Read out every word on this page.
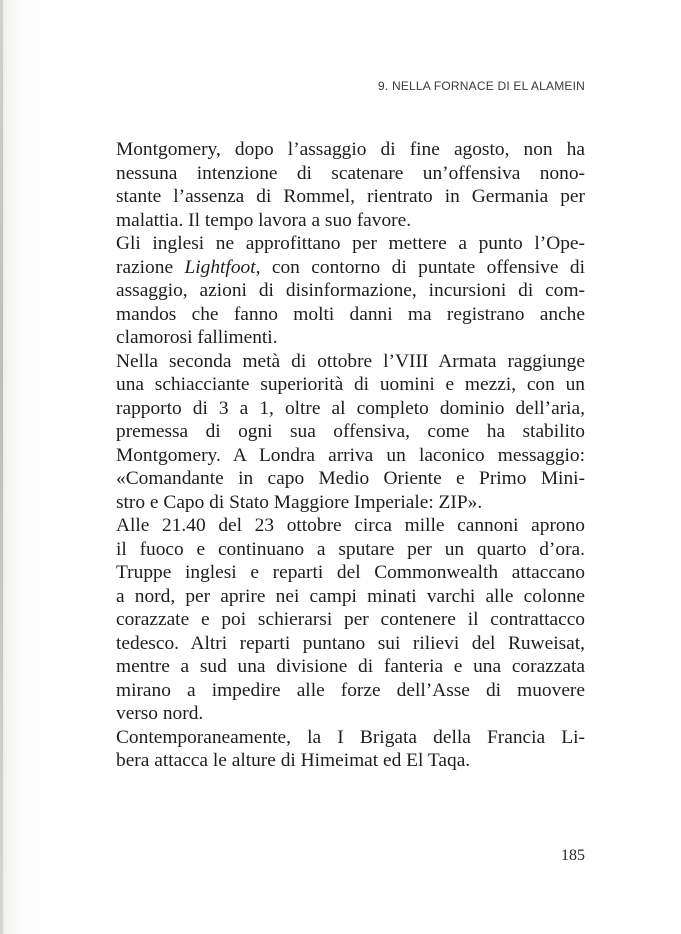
9. NELLA FORNACE DI EL ALAMEIN
Montgomery, dopo l’assaggio di fine agosto, non ha
nessuna intenzione di scatenare un’offensiva nono-
stante l’assenza di Rommel, rientrato in Germania per
malattia. Il tempo lavora a suo favore.
Gli inglesi ne approfittano per mettere a punto l’Ope-
razione Lightfoot, con contorno di puntate offensive di
assaggio, azioni di disinformazione, incursioni di com-
mandos che fanno molti danni ma registrano anche
clamorosi fallimenti.
Nella seconda metà di ottobre l’VIII Armata raggiunge
una schiacciante superiorità di uomini e mezzi, con un
rapporto di 3 a 1, oltre al completo dominio dell’aria,
premessa di ogni sua offensiva, come ha stabilito
Montgomery. A Londra arriva un laconico messaggio:
«Comandante in capo Medio Oriente e Primo Mini-
stro e Capo di Stato Maggiore Imperiale: ZIP».
Alle 21.40 del 23 ottobre circa mille cannoni aprono
il fuoco e continuano a sputare per un quarto d’ora.
Truppe inglesi e reparti del Commonwealth attaccano
a nord, per aprire nei campi minati varchi alle colonne
corazzate e poi schierarsi per contenere il contrattacco
tedesco. Altri reparti puntano sui rilievi del Ruweisat,
mentre a sud una divisione di fanteria e una corazzata
mirano a impedire alle forze dell’Asse di muovere
verso nord.
Contemporaneamente, la I Brigata della Francia Li-
bera attacca le alture di Himeimat ed El Taqa.
185
